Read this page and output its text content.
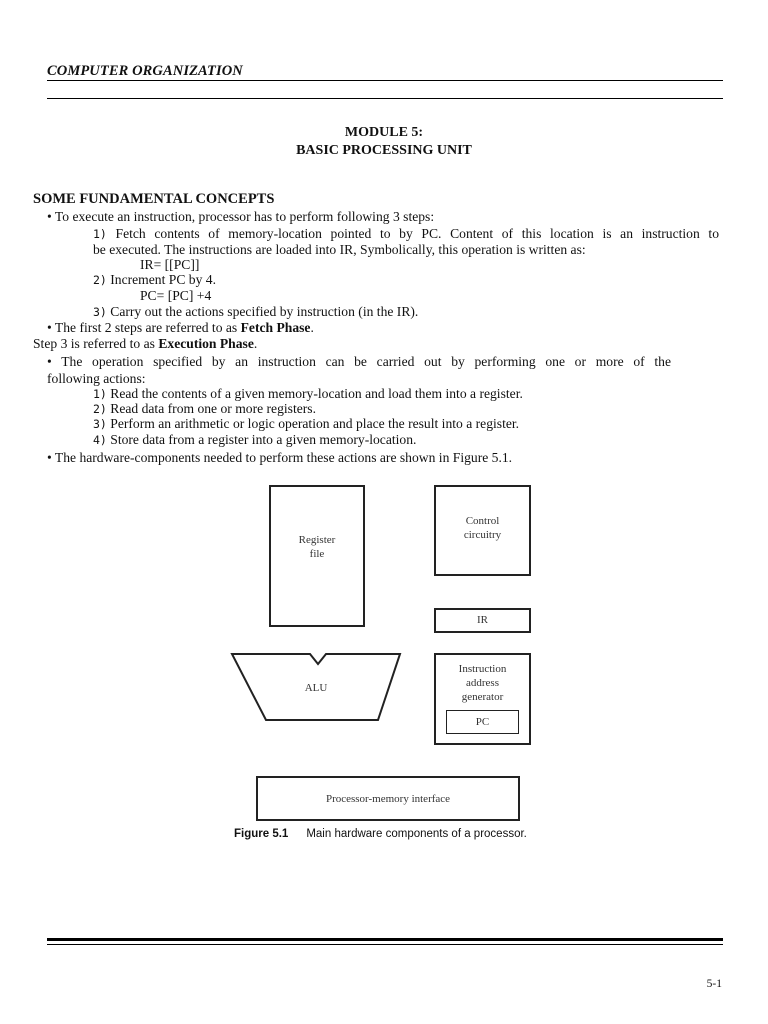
COMPUTER ORGANIZATION
MODULE 5:
BASIC PROCESSING UNIT
SOME FUNDAMENTAL CONCEPTS
• To execute an instruction, processor has to perform following 3 steps:
1) Fetch contents of memory-location pointed to by PC. Content of this location is an instruction to
be executed. The instructions are loaded into IR, Symbolically, this operation is written as:
IR= [[PC]]
2) Increment PC by 4.
PC= [PC] +4
3) Carry out the actions specified by instruction (in the IR).
• The first 2 steps are referred to as Fetch Phase.
Step 3 is referred to as Execution Phase.
• The operation specified by an instruction can be carried out by performing one or more of the
following actions:
1) Read the contents of a given memory-location and load them into a register.
2) Read data from one or more registers.
3) Perform an arithmetic or logic operation and place the result into a register.
4) Store data from a register into a given memory-location.
• The hardware-components needed to perform these actions are shown in Figure 5.1.
Register
file
Control
circuitry
IR
ALU
Instruction
address
generator
PC
Processor-memory interface
Figure 5.1 Main hardware components of a processor.
5-1
